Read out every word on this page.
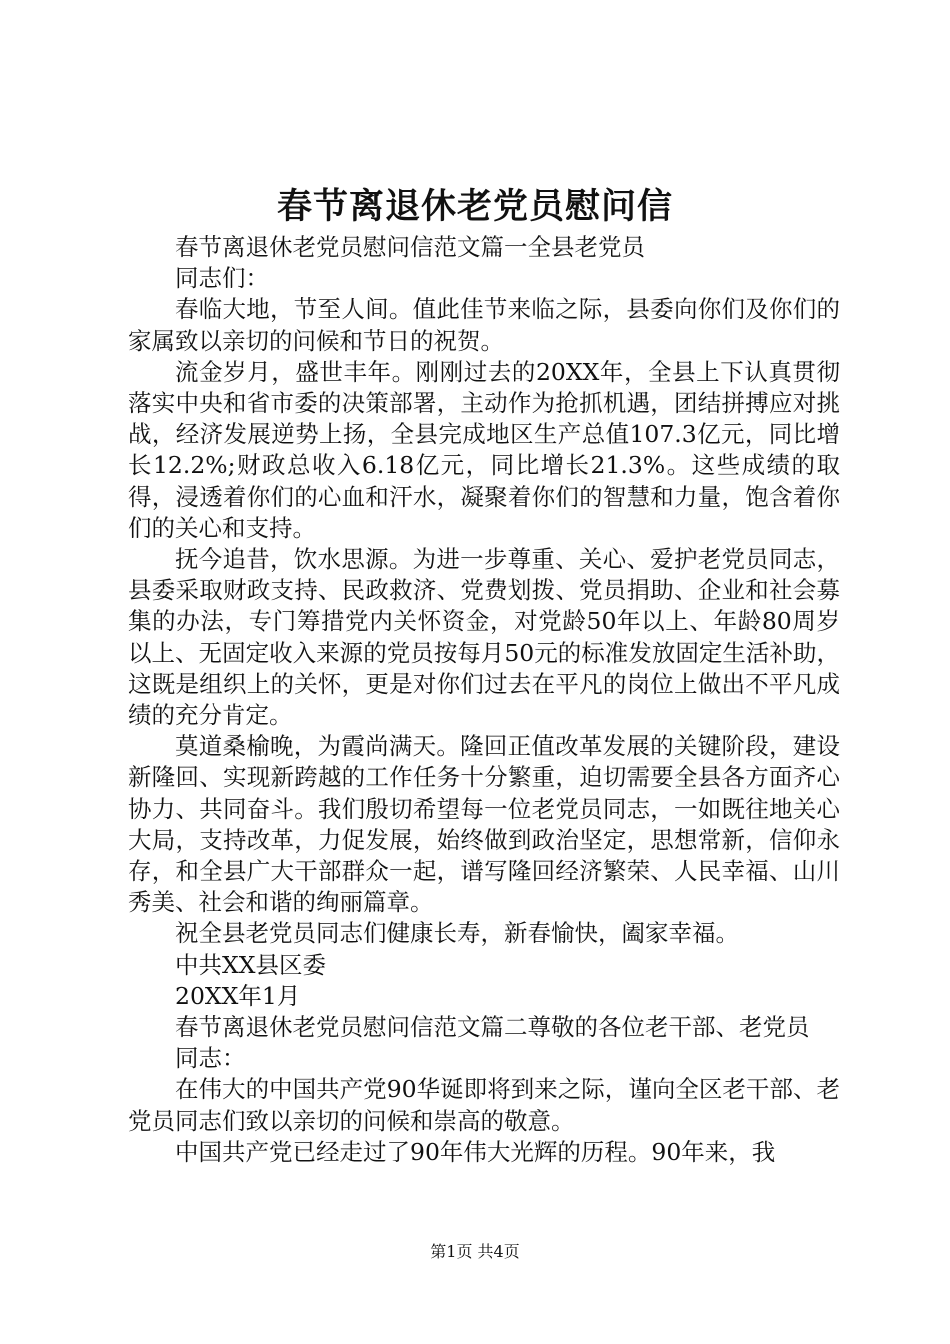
春节离退休老党员慰问信

春节离退休老党员慰问信范文篇一全县老党员

同志们：

春临大地，节至人间。值此佳节来临之际，县委向你们及你们的家属致以亲切的问候和节日的祝贺。

流金岁月，盛世丰年。刚刚过去的20XX年，全县上下认真贯彻落实中央和省市委的决策部署，主动作为抢抓机遇，团结拼搏应对挑战，经济发展逆势上扬，全县完成地区生产总值107.3亿元，同比增长12.2%;财政总收入6.18亿元，同比增长21.3%。这些成绩的取得，浸透着你们的心血和汗水，凝聚着你们的智慧和力量，饱含着你们的关心和支持。

抚今追昔，饮水思源。为进一步尊重、关心、爱护老党员同志，县委采取财政支持、民政救济、党费划拨、党员捐助、企业和社会募集的办法，专门筹措党内关怀资金，对党龄50年以上、年龄80周岁以上、无固定收入来源的党员按每月50元的标准发放固定生活补助，这既是组织上的关怀，更是对你们过去在平凡的岗位上做出不平凡成绩的充分肯定。

莫道桑榆晚，为霞尚满天。隆回正值改革发展的关键阶段，建设新隆回、实现新跨越的工作任务十分繁重，迫切需要全县各方面齐心协力、共同奋斗。我们殷切希望每一位老党员同志，一如既往地关心大局，支持改革，力促发展，始终做到政治坚定，思想常新，信仰永存，和全县广大干部群众一起，谱写隆回经济繁荣、人民幸福、山川秀美、社会和谐的绚丽篇章。

祝全县老党员同志们健康长寿，新春愉快，阖家幸福。

中共XX县区委

20XX年1月

春节离退休老党员慰问信范文篇二尊敬的各位老干部、老党员

同志：

在伟大的中国共产党90华诞即将到来之际，谨向全区老干部、老党员同志们致以亲切的问候和崇高的敬意。

中国共产党已经走过了90年伟大光辉的历程。90年来，我

第1页 共4页
